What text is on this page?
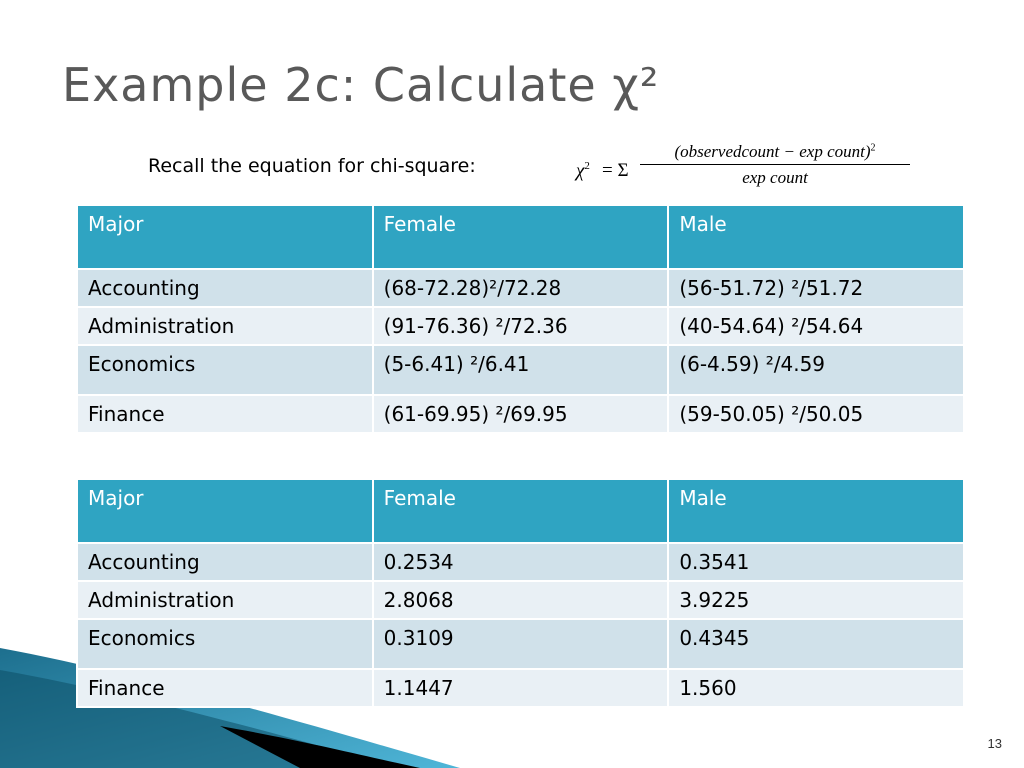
Example 2c: Calculate χ²
Recall the equation for chi-square:	$\chi^2 = \Sigma$
(observedcount − exp count)$^2$
exp count
Major	Female	Male
Accounting	(68-72.28)²/72.28	(56-51.72) ²/51.72
Administration	(91-76.36) ²/72.36	(40-54.64) ²/54.64
Economics	(5-6.41) ²/6.41	(6-4.59) ²/4.59
Finance	(61-69.95) ²/69.95	(59-50.05) ²/50.05
Major	Female	Male
Accounting	0.2534	0.3541
Administration	2.8068	3.9225
Economics	0.3109	0.4345
Finance	1.1447	1.560
13
